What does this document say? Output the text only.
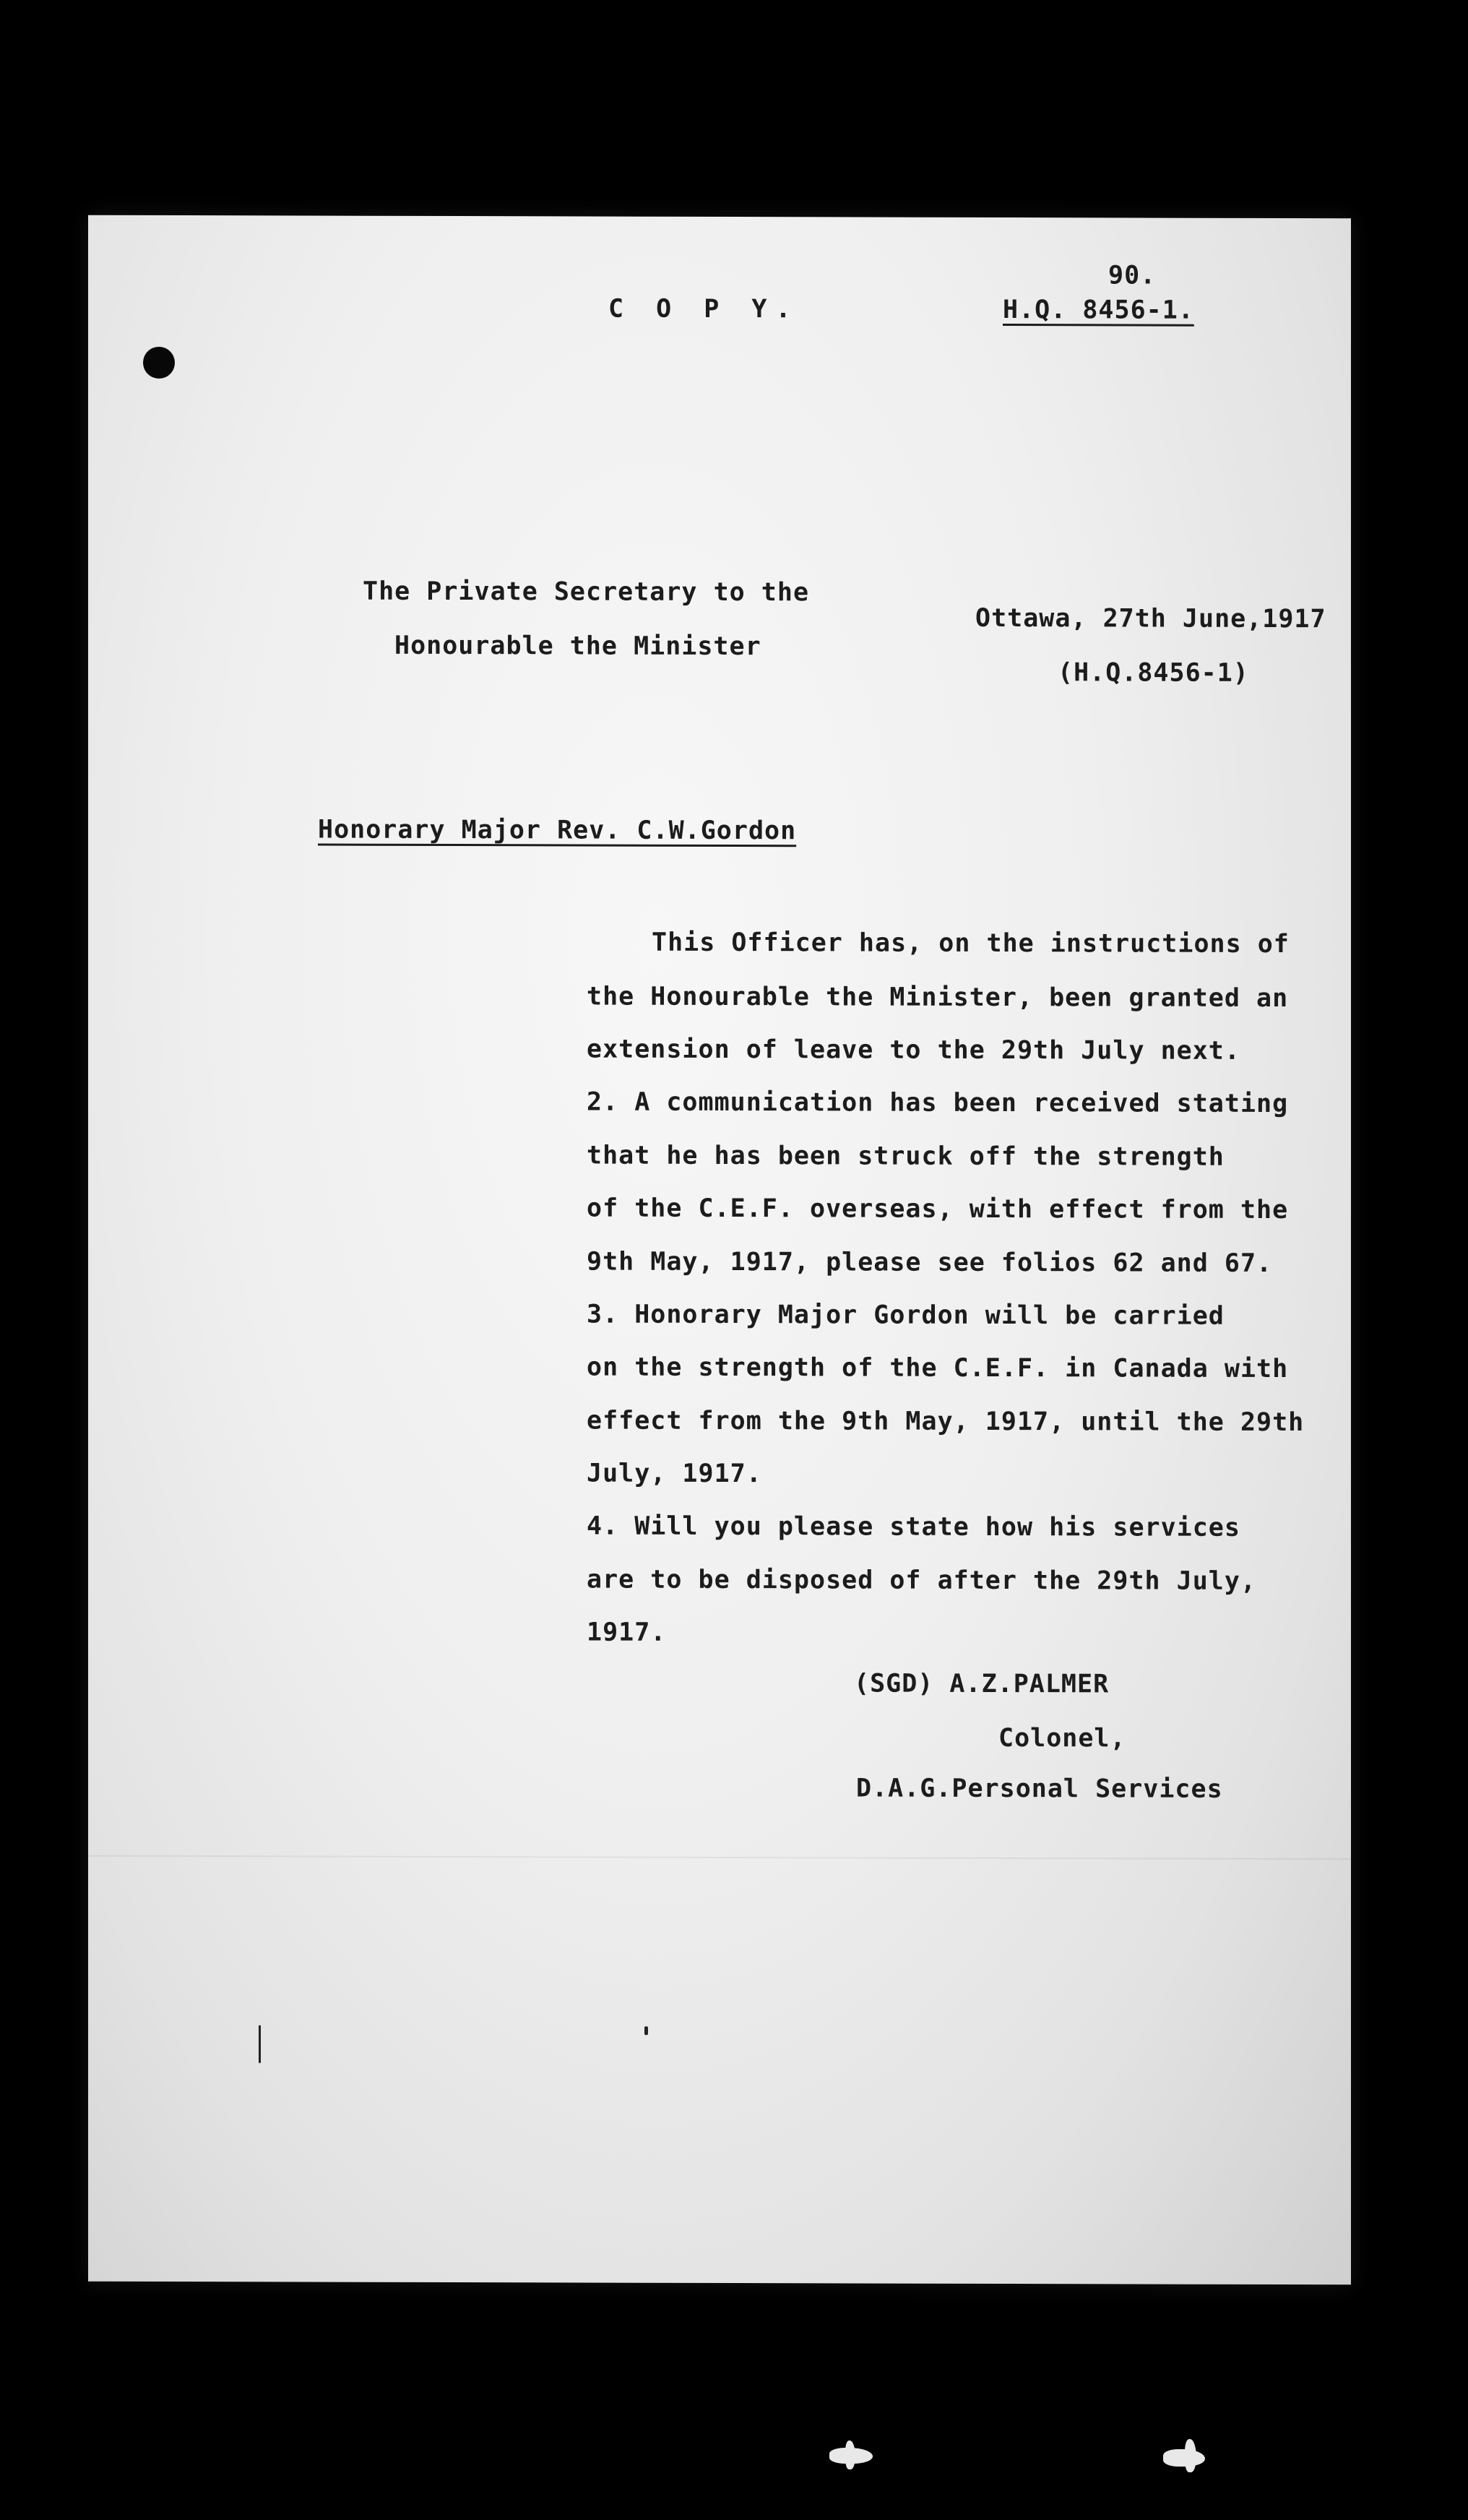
C O P Y.
90.
H.Q. 8456-1.
The Private Secretary to the
Honourable the Minister
Ottawa, 27th June,1917
(H.Q.8456-1)
Honorary Major Rev. C.W.Gordon
This Officer has, on the instructions of
the Honourable the Minister, been granted an
extension of leave to the 29th July next.
2. A communication has been received stating
that he has been struck off the strength
of the C.E.F. overseas, with effect from the
9th May, 1917, please see folios 62 and 67.
3. Honorary Major Gordon will be carried
on the strength of the C.E.F. in Canada with
effect from the 9th May, 1917, until the 29th
July, 1917.
4. Will you please state how his services
are to be disposed of after the 29th July,
1917.
(SGD) A.Z.PALMER
Colonel,
D.A.G.Personal Services
